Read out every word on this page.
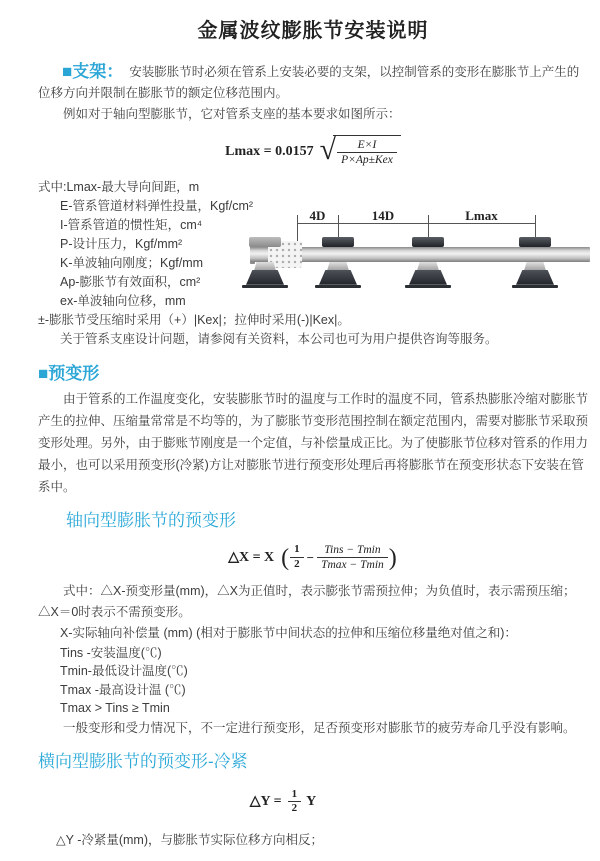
金属波纹膨胀节安装说明

■支架： 安装膨胀节时必须在管系上安装必要的支架，以控制管系的变形在膨胀节上产生的位移方向并限制在膨胀节的额定位移范围内。

例如对于轴向型膨胀节，它对管系支座的基本要求如图所示：

Lmax = 0.0157 √ $\frac{E\times I}{\text{P×Ap±Kex}}$
式中:Lmax-最大导向间距，m
E-管系管道材料弹性投量，Kgf/cm²
I-管系管道的惯性矩，cm⁴
P-设计压力，Kgf/mm²
K-单波轴向刚度；Kgf/mm
Ap-膨胀节有效面积，cm²
ex-单波轴向位移，mm
4D	14D	Lmax

±-膨胀节受压缩时采用（+）|Kex|；拉伸时采用(-)|Kex|。

关于管系支座设计问题，请参阅有关资料，本公司也可为用户提供咨询等服务。

■预变形

由于管系的工作温度变化，安装膨胀节时的温度与工作时的温度不同，管系热膨胀冷缩对膨胀节产生的拉伸、压缩量常常是不均等的，为了膨胀节变形范围控制在额定范围内，需要对膨胀节采取预变形处理。另外，由于膨账节刚度是一个定值，与补偿量成正比。为了使膨胀节位移对管系的作用力最小，也可以采用预变形(冷紧)方让对膨胀节进行预变形处理后再将膨胀节在预变形状态下安装在管系中。

轴向型膨胀节的预变形
△X = X ( $\frac{1}{2} - \frac{\text{Tins − Tmin}}{Tmax - Tmin}$ )

式中：△X-预变形量(mm)，△X为正值时，表示膨张节需预拉伸；为负值时，表示需预压缩；△X＝0时表示不需预变形。

X-实际轴向补偿量 (mm) (相对于膨胀节中间状态的拉伸和压缩位移量绝对值之和)：

Tins -安装温度(℃)

Tmin-最低设计温度(℃)

Tmax -最高设计温 (℃)

Tmax > Tins ≥ Tmin

一般变形和受力情况下，不一定进行预变形，足否预变形对膨胀节的疲劳寿命几乎没有影响。

横向型膨胀节的预变形-冷紧
△Y = $\frac{1}{2}$ Y

△Y -冷紧量(mm)，与膨胀节实际位移方向相反；
